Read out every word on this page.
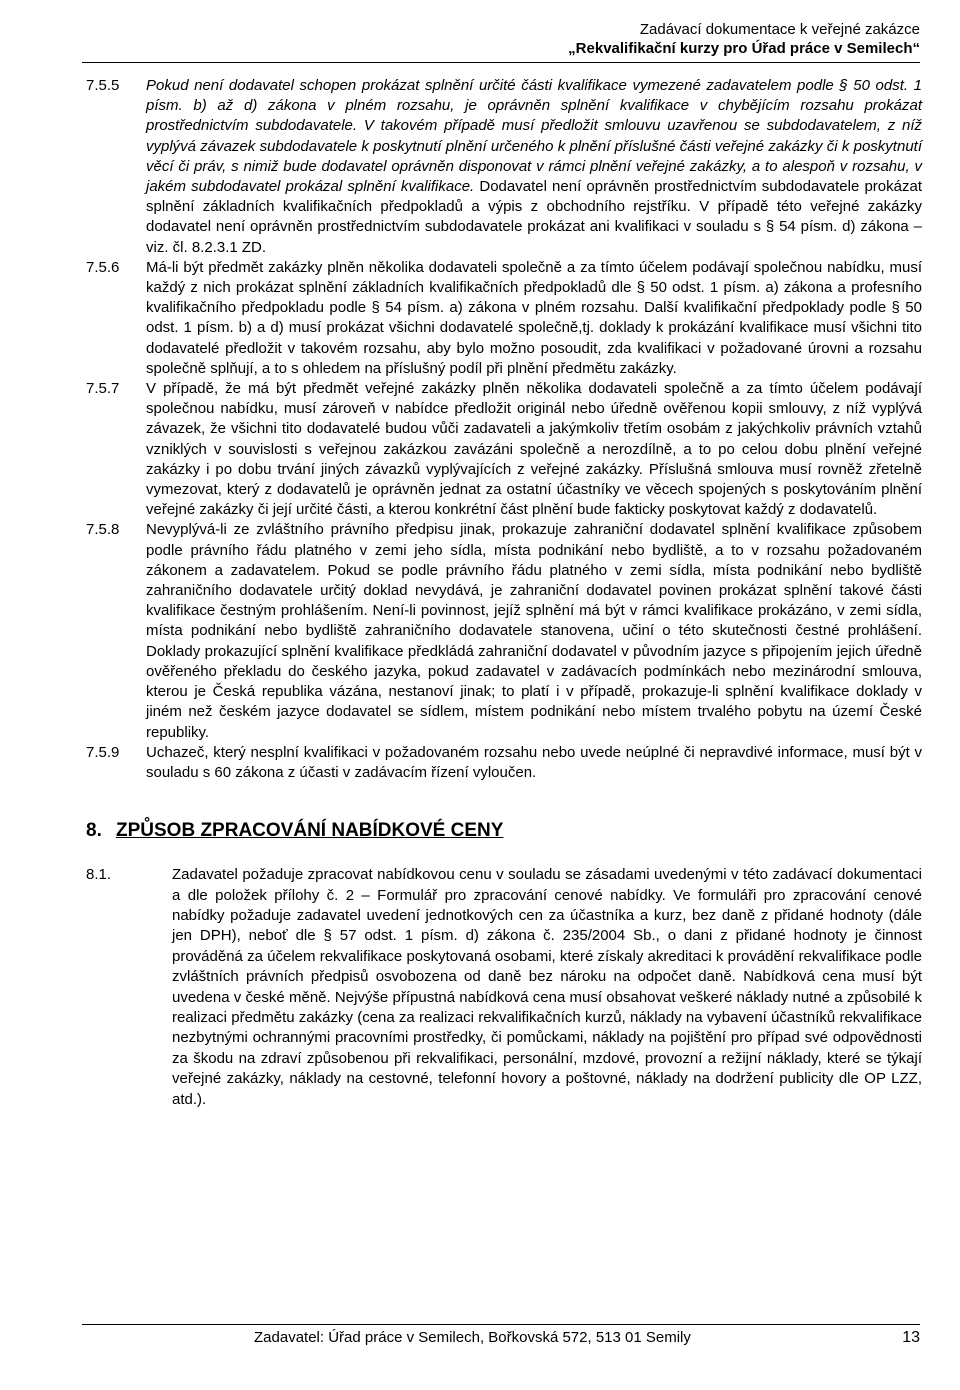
Zadávací dokumentace k veřejné zakázce
„Rekvalifikační kurzy pro Úřad práce v Semilech“
7.5.5 Pokud není dodavatel schopen prokázat splnění určité části kvalifikace vymezené zadavatelem podle § 50 odst. 1 písm. b) až d) zákona v plném rozsahu, je oprávněn splnění kvalifikace v chybějícím rozsahu prokázat prostřednictvím subdodavatele. V takovém případě musí předložit smlouvu uzavřenou se subdodavatelem, z níž vyplývá závazek subdodavatele k poskytnutí plnění určeného k plnění příslušné části veřejné zakázky či k poskytnutí věcí či práv, s nimiž bude dodavatel oprávněn disponovat v rámci plnění veřejné zakázky, a to alespoň v rozsahu, v jakém subdodavatel prokázal splnění kvalifikace. Dodavatel není oprávněn prostřednictvím subdodavatele prokázat splnění základních kvalifikačních předpokladů a výpis z obchodního rejstříku. V případě této veřejné zakázky dodavatel není oprávněn prostřednictvím subdodavatele prokázat ani kvalifikaci v souladu s § 54 písm. d) zákona – viz. čl. 8.2.3.1 ZD.
7.5.6 Má-li být předmět zakázky plněn několika dodavateli společně a za tímto účelem podávají společnou nabídku, musí každý z nich prokázat splnění základních kvalifikačních předpokladů dle § 50 odst. 1 písm. a) zákona a profesního kvalifikačního předpokladu podle § 54 písm. a) zákona v plném rozsahu. Další kvalifikační předpoklady podle § 50 odst. 1 písm. b) a d) musí prokázat všichni dodavatelé společně,tj. doklady k prokázání kvalifikace musí všichni tito dodavatelé předložit v takovém rozsahu, aby bylo možno posoudit, zda kvalifikaci v požadované úrovni a rozsahu společně splňují, a to s ohledem na příslušný podíl při plnění předmětu zakázky.
7.5.7 V případě, že má být předmět veřejné zakázky plněn několika dodavateli společně a za tímto účelem podávají společnou nabídku, musí zároveň v nabídce předložit originál nebo úředně ověřenou kopii smlouvy, z níž vyplývá závazek, že všichni tito dodavatelé budou vůči zadavateli a jakýmkoliv třetím osobám z jakýchkoliv právních vztahů vzniklých v souvislosti s veřejnou zakázkou zavázáni společně a nerozdílně, a to po celou dobu plnění veřejné zakázky i po dobu trvání jiných závazků vyplývajících z veřejné zakázky. Příslušná smlouva musí rovněž zřetelně vymezovat, který z dodavatelů je oprávněn jednat za ostatní účastníky ve věcech spojených s poskytováním plnění veřejné zakázky či její určité části, a kterou konkrétní část plnění bude fakticky poskytovat každý z dodavatelů.
7.5.8 Nevyplývá-li ze zvláštního právního předpisu jinak, prokazuje zahraniční dodavatel splnění kvalifikace způsobem podle právního řádu platného v zemi jeho sídla, místa podnikání nebo bydliště, a to v rozsahu požadovaném zákonem a zadavatelem. Pokud se podle právního řádu platného v zemi sídla, místa podnikání nebo bydliště zahraničního dodavatele určitý doklad nevydává, je zahraniční dodavatel povinen prokázat splnění takové části kvalifikace čestným prohlášením. Není-li povinnost, jejíž splnění má být v rámci kvalifikace prokázáno, v zemi sídla, místa podnikání nebo bydliště zahraničního dodavatele stanovena, učiní o této skutečnosti čestné prohlášení. Doklady prokazující splnění kvalifikace předkládá zahraniční dodavatel v původním jazyce s připojením jejich úředně ověřeného překladu do českého jazyka, pokud zadavatel v zadávacích podmínkách nebo mezinárodní smlouva, kterou je Česká republika vázána, nestanoví jinak; to platí i v případě, prokazuje-li splnění kvalifikace doklady v jiném než českém jazyce dodavatel se sídlem, místem podnikání nebo místem trvalého pobytu na území České republiky.
7.5.9 Uchazeč, který nesplní kvalifikaci v požadovaném rozsahu nebo uvede neúplné či nepravdivé informace, musí být v souladu s 60 zákona z účasti v zadávacím řízení vyloučen.
8. ZPŮSOB ZPRACOVÁNÍ NABÍDKOVÉ CENY
8.1.	Zadavatel požaduje zpracovat nabídkovou cenu v souladu se zásadami uvedenými v této zadávací dokumentaci a dle položek přílohy č. 2 – Formulář pro zpracování cenové nabídky. Ve formuláři pro zpracování cenové nabídky požaduje zadavatel uvedení jednotkových cen za účastníka a kurz, bez daně z přidané hodnoty (dále jen DPH), neboť dle § 57 odst. 1 písm. d) zákona č. 235/2004 Sb., o dani z přidané hodnoty je činnost prováděná za účelem rekvalifikace poskytovaná osobami, které získaly akreditaci k provádění rekvalifikace podle zvláštních právních předpisů osvobozena od daně bez nároku na odpočet daně. Nabídková cena musí být uvedena v české měně. Nejvýše přípustná nabídková cena musí obsahovat veškeré náklady nutné a způsobilé k realizaci předmětu zakázky (cena za realizaci rekvalifikačních kurzů, náklady na vybavení účastníků rekvalifikace nezbytnými ochrannými pracovními prostředky, či pomůckami, náklady na pojištění pro případ své odpovědnosti za škodu na zdraví způsobenou při rekvalifikaci, personální, mzdové, provozní a režijní náklady, které se týkají veřejné zakázky, náklady na cestovné, telefonní hovory a poštovné, náklady na dodržení publicity dle OP LZZ, atd.).
Zadavatel: Úřad práce v Semilech, Bořkovská 572, 513 01 Semily	13
